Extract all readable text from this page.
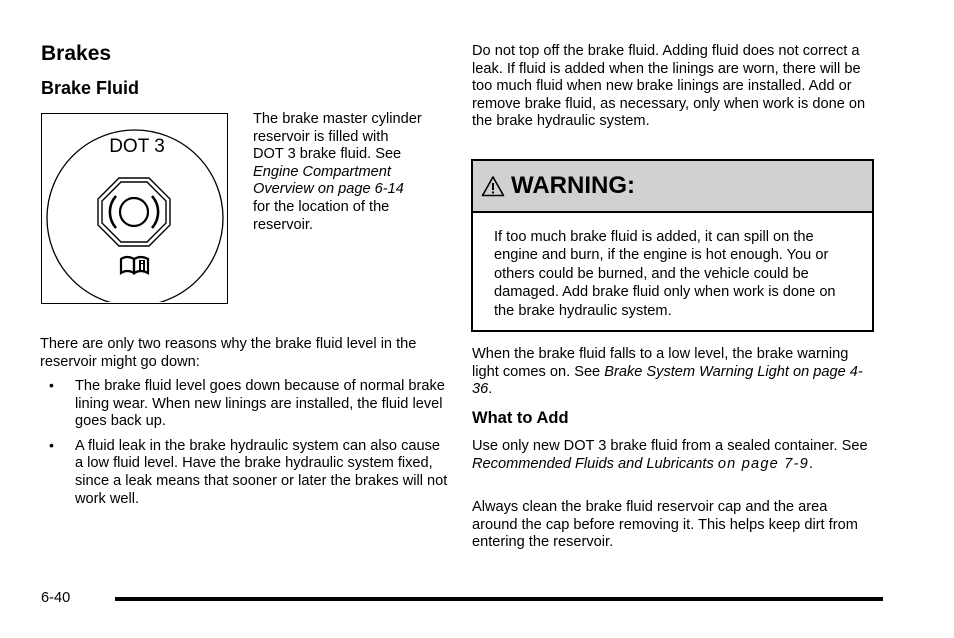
Brakes
Brake Fluid
DOT 3
The brake master cylinder
reservoir is filled with
DOT 3 brake fluid. See
Engine Compartment
Overview on page 6-14
for the location of the
reservoir.
There are only two reasons why the brake fluid level in the reservoir might go down:
• The brake fluid level goes down because of normal brake lining wear. When new linings are installed, the fluid level goes back up.
• A fluid leak in the brake hydraulic system can also cause a low fluid level. Have the brake hydraulic system fixed, since a leak means that sooner or later the brakes will not work well.
Do not top off the brake fluid. Adding fluid does not correct a leak. If fluid is added when the linings are worn, there will be too much fluid when new brake linings are installed. Add or remove brake fluid, as necessary, only when work is done on the brake hydraulic system.
WARNING:
If too much brake fluid is added, it can spill on the engine and burn, if the engine is hot enough. You or others could be burned, and the vehicle could be damaged. Add brake fluid only when work is done on the brake hydraulic system.
When the brake fluid falls to a low level, the brake warning light comes on. See Brake System Warning Light on page 4-36.
What to Add
Use only new DOT 3 brake fluid from a sealed container. See Recommended Fluids and Lubricants on page 7-9.
Always clean the brake fluid reservoir cap and the area around the cap before removing it. This helps keep dirt from entering the reservoir.
6-40
